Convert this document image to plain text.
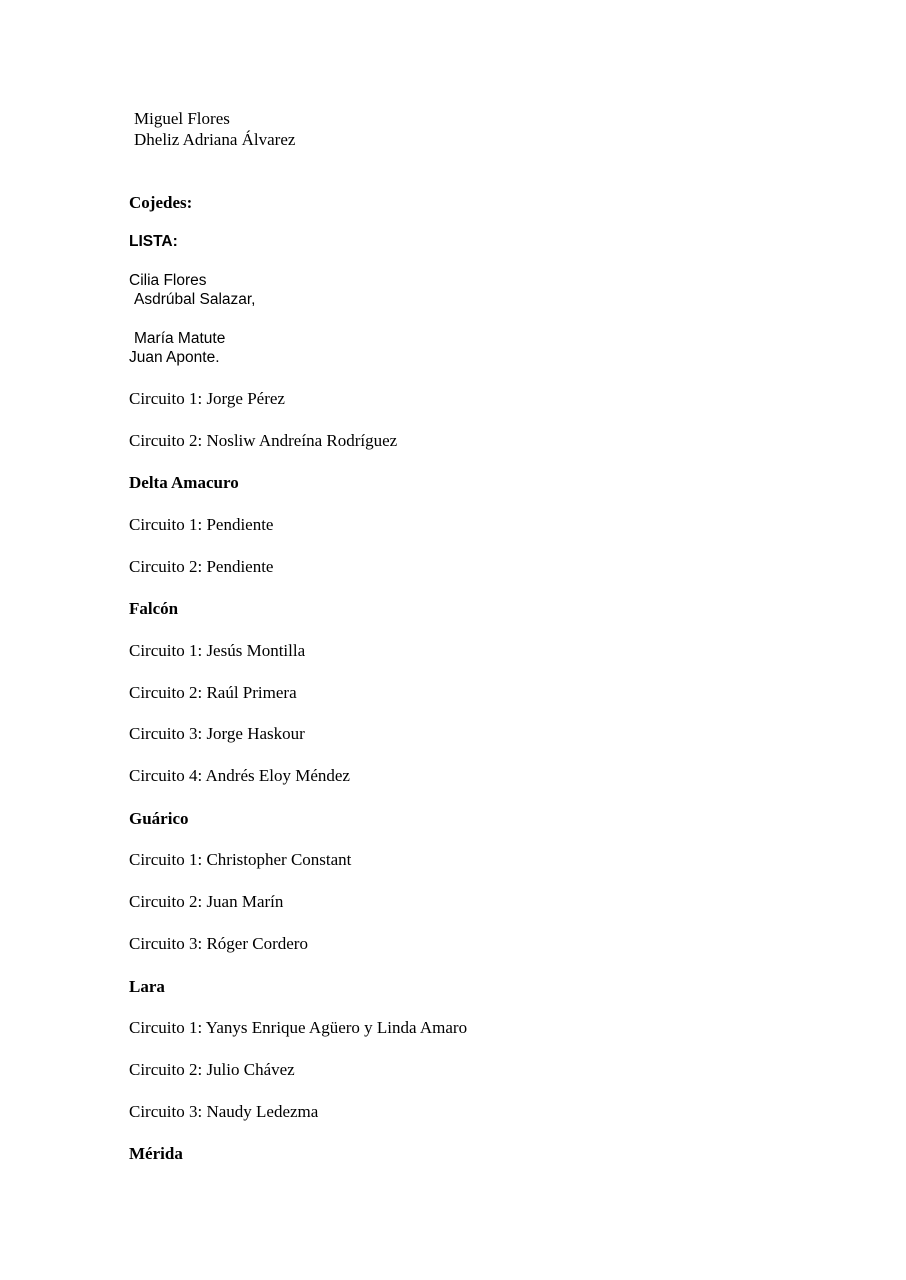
Miguel Flores

Dheliz Adriana Álvarez

Cojedes:

LISTA:

Cilia Flores

Asdrúbal Salazar,

María Matute

Juan Aponte.

Circuito 1: Jorge Pérez

Circuito 2: Nosliw Andreína Rodríguez

Delta Amacuro

Circuito 1: Pendiente

Circuito 2: Pendiente

Falcón

Circuito 1: Jesús Montilla

Circuito 2: Raúl Primera

Circuito 3: Jorge Haskour

Circuito 4: Andrés Eloy Méndez

Guárico

Circuito 1: Christopher Constant

Circuito 2: Juan Marín

Circuito 3: Róger Cordero

Lara

Circuito 1: Yanys Enrique Agüero y Linda Amaro

Circuito 2: Julio Chávez

Circuito 3: Naudy Ledezma

Mérida
